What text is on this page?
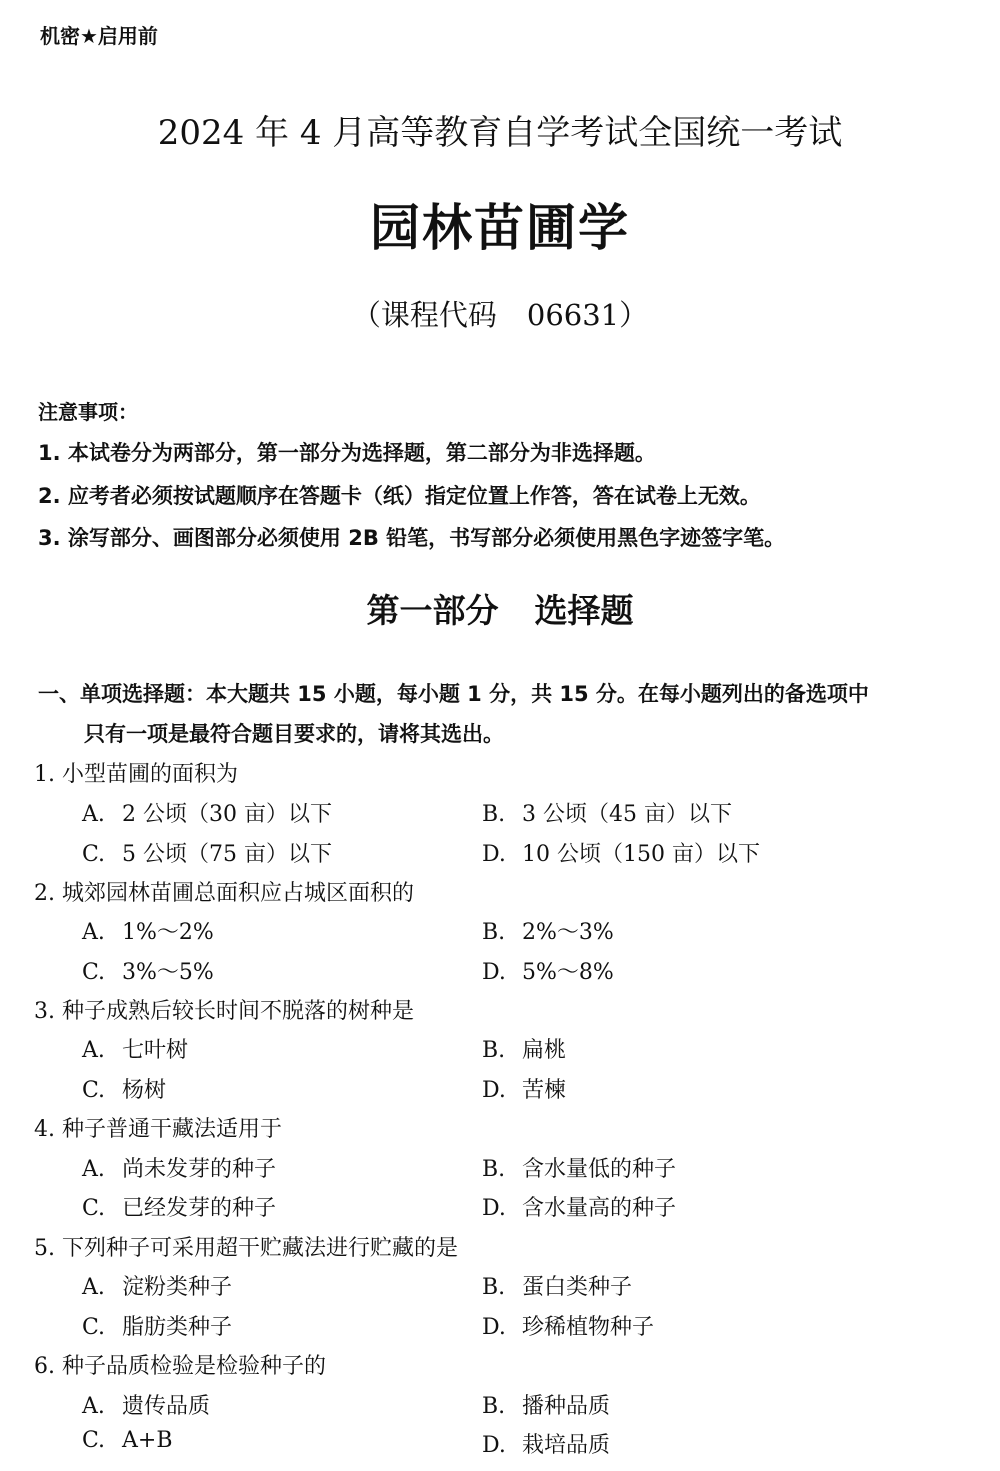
机密★启用前
2024 年 4 月高等教育自学考试全国统一考试
园林苗圃学
（课程代码 06631）
注意事项：
1. 本试卷分为两部分，第一部分为选择题，第二部分为非选择题。
2. 应考者必须按试题顺序在答题卡（纸）指定位置上作答，答在试卷上无效。
3. 涂写部分、画图部分必须使用 2B 铅笔，书写部分必须使用黑色字迹签字笔。
第一部分 选择题
一、单项选择题：本大题共 15 小题，每小题 1 分，共 15 分。在每小题列出的备选项中
只有一项是最符合题目要求的，请将其选出。
1. 小型苗圃的面积为
A. 2 公顷（30 亩）以下	B. 3 公顷（45 亩）以下
C. 5 公顷（75 亩）以下	D. 10 公顷（150 亩）以下
2. 城郊园林苗圃总面积应占城区面积的
A. 1%～2%	B. 2%～3%
C. 3%～5%	D. 5%～8%
3. 种子成熟后较长时间不脱落的树种是
A. 七叶树	B. 扁桃
C. 杨树	D. 苦楝
4. 种子普通干藏法适用于
A. 尚未发芽的种子	B. 含水量低的种子
C. 已经发芽的种子	D. 含水量高的种子
5. 下列种子可采用超干贮藏法进行贮藏的是
A. 淀粉类种子	B. 蛋白类种子
C. 脂肪类种子	D. 珍稀植物种子
6. 种子品质检验是检验种子的
A. 遗传品质	B. 播种品质
C. A+B	D. 栽培品质
